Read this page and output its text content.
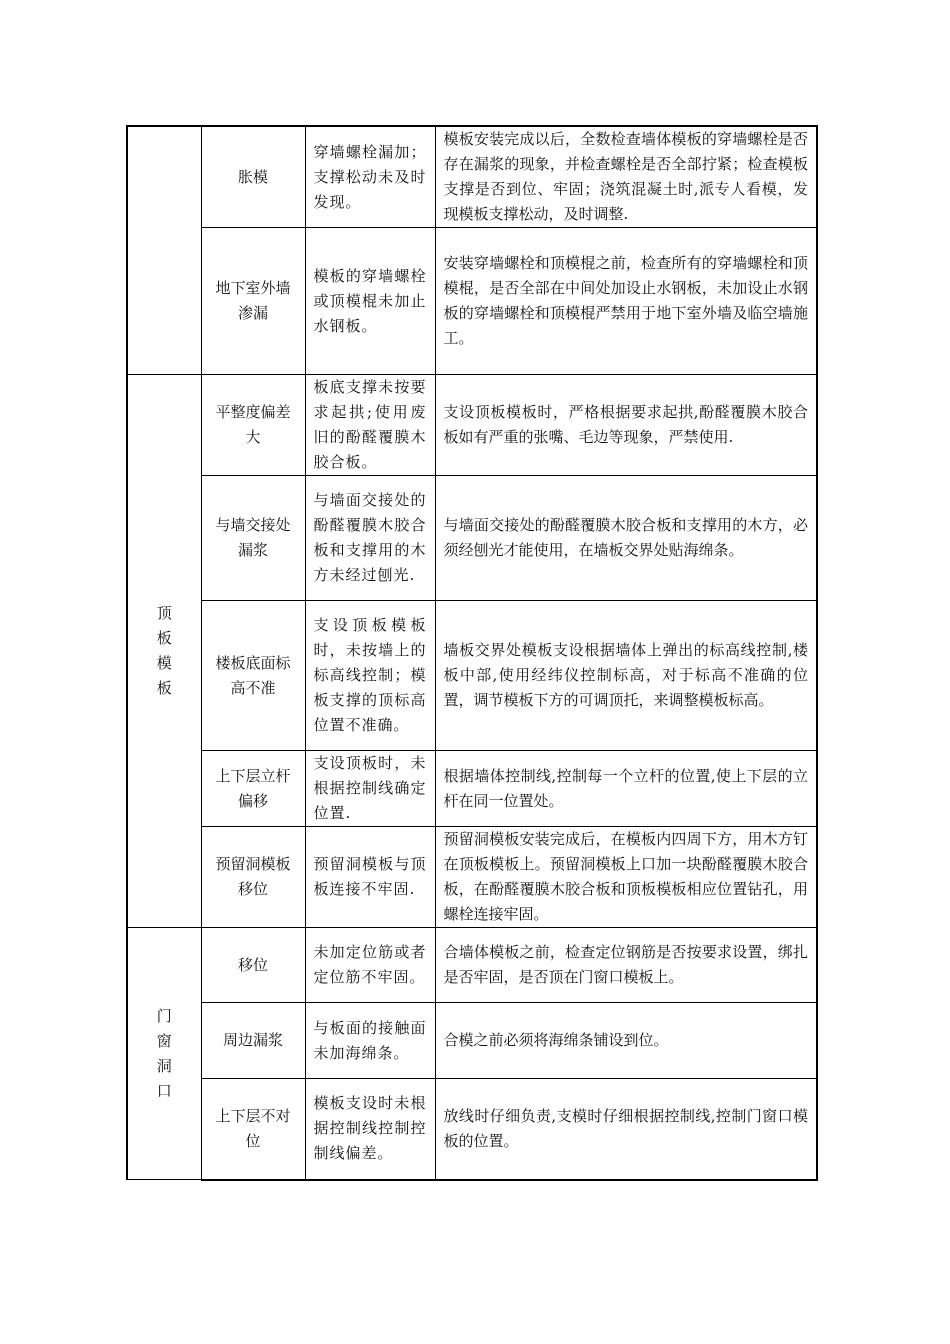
	胀模	穿墙螺栓漏加；支撑松动未及时发现。	模板安装完成以后，全数检查墙体模板的穿墙螺栓是否存在漏浆的现象，并检查螺栓是否全部拧紧；检查模板支撑是否到位、牢固；浇筑混凝土时,派专人看模，发现模板支撑松动，及时调整.
	地下室外墙渗漏	模板的穿墙螺栓或顶模棍未加止水钢板。	安装穿墙螺栓和顶模棍之前，检查所有的穿墙螺栓和顶模棍，是否全部在中间处加设止水钢板，未加设止水钢板的穿墙螺栓和顶模棍严禁用于地下室外墙及临空墙施工。
顶板模板	平整度偏差大	板底支撑未按要求起拱;使用废旧的酚醛覆膜木胶合板。	支设顶板模板时，严格根据要求起拱,酚醛覆膜木胶合板如有严重的张嘴、毛边等现象，严禁使用.
	与墙交接处漏浆	与墙面交接处的酚醛覆膜木胶合板和支撑用的木方未经过刨光.	与墙面交接处的酚醛覆膜木胶合板和支撑用的木方，必须经刨光才能使用，在墙板交界处贴海绵条。
	楼板底面标高不准	支设顶板模板时，未按墙上的标高线控制；模板支撑的顶标高位置不准确。	墙板交界处模板支设根据墙体上弹出的标高线控制,楼板中部,使用经纬仪控制标高，对于标高不准确的位置，调节模板下方的可调顶托，来调整模板标高。
	上下层立杆偏移	支设顶板时，未根据控制线确定位置.	根据墙体控制线,控制每一个立杆的位置,使上下层的立杆在同一位置处。
	预留洞模板移位	预留洞模板与顶板连接不牢固.	预留洞模板安装完成后，在模板内四周下方，用木方钉在顶板模板上。预留洞模板上口加一块酚醛覆膜木胶合板，在酚醛覆膜木胶合板和顶板模板相应位置钻孔，用螺栓连接牢固。
门窗洞口	移位	未加定位筋或者定位筋不牢固。	合墙体模板之前，检查定位钢筋是否按要求设置，绑扎是否牢固，是否顶在门窗口模板上。
	周边漏浆	与板面的接触面未加海绵条。	合模之前必须将海绵条铺设到位。
	上下层不对位	模板支设时未根据控制线控制控制线偏差。	放线时仔细负责,支模时仔细根据控制线,控制门窗口模板的位置。
